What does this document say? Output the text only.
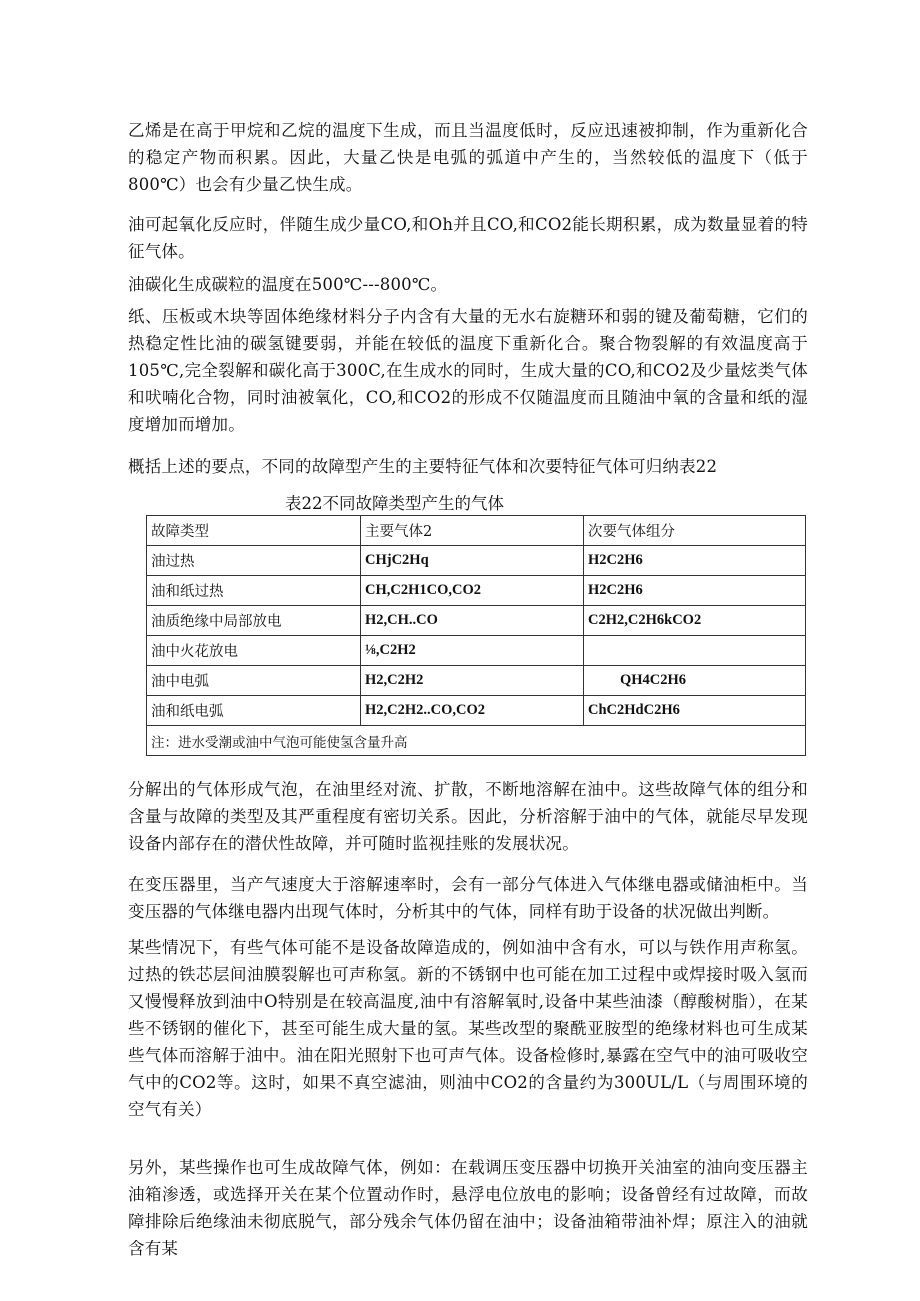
乙烯是在高于甲烷和乙烷的温度下生成，而且当温度低时，反应迅速被抑制，作为重新化合的稳定产物而积累。因此，大量乙快是电弧的弧道中产生的，当然较低的温度下（低于800℃）也会有少量乙快生成。

油可起氧化反应时，伴随生成少量CO,和Oh并且CO,和CO2能长期积累，成为数量显着的特征气体。

油碳化生成碳粒的温度在500℃---800℃。

纸、压板或木块等固体绝缘材料分子内含有大量的无水右旋糖环和弱的键及葡萄糖，它们的热稳定性比油的碳氢键要弱，并能在较低的温度下重新化合。聚合物裂解的有效温度高于105℃,完全裂解和碳化高于300C,在生成水的同时，生成大量的CO,和CO2及少量炫类气体和吠喃化合物，同时油被氧化，CO,和CO2的形成不仅随温度而且随油中氧的含量和纸的湿度增加而增加。

概括上述的要点，不同的故障型产生的主要特征气体和次要特征气体可归纳表22

表22不同故障类型产生的气体

故障类型	主要气体2	次要气体组分
油过热	CHjC2Hq	H2C2H6
油和纸过热	CH,C2H1CO,CO2	H2C2H6
油质绝缘中局部放电	H2,CH..CO	C2H2,C2H6kCO2
油中火花放电	⅛,C2H2	
油中电弧	H2,C2H2	QH4C2H6
油和纸电弧	H2,C2H2..CO,CO2	ChC2HdC2H6
注：进水受潮或油中气泡可能使氢含量升高		

分解出的气体形成气泡，在油里经对流、扩散，不断地溶解在油中。这些故障气体的组分和含量与故障的类型及其严重程度有密切关系。因此，分析溶解于油中的气体，就能尽早发现设备内部存在的潜伏性故障，并可随时监视挂账的发展状况。

在变压器里，当产气速度大于溶解速率时，会有一部分气体进入气体继电器或储油柜中。当变压器的气体继电器内出现气体时，分析其中的气体，同样有助于设备的状况做出判断。

某些情况下，有些气体可能不是设备故障造成的，例如油中含有水，可以与铁作用声称氢。过热的铁芯层间油膜裂解也可声称氢。新的不锈钢中也可能在加工过程中或焊接时吸入氢而又慢慢释放到油中O特别是在较高温度,油中有溶解氧时,设备中某些油漆（醇酸树脂），在某些不锈钢的催化下，甚至可能生成大量的氢。某些改型的聚酰亚胺型的绝缘材料也可生成某些气体而溶解于油中。油在阳光照射下也可声气体。设备检修时,暴露在空气中的油可吸收空气中的CO2等。这时，如果不真空滤油，则油中CO2的含量约为300UL/L（与周围环境的空气有关）

另外，某些操作也可生成故障气体，例如：在载调压变压器中切换开关油室的油向变压器主油箱渗透，或选择开关在某个位置动作时，悬浮电位放电的影响；设备曾经有过故障，而故障排除后绝缘油未彻底脱气，部分残余气体仍留在油中；设备油箱带油补焊；原注入的油就含有某
